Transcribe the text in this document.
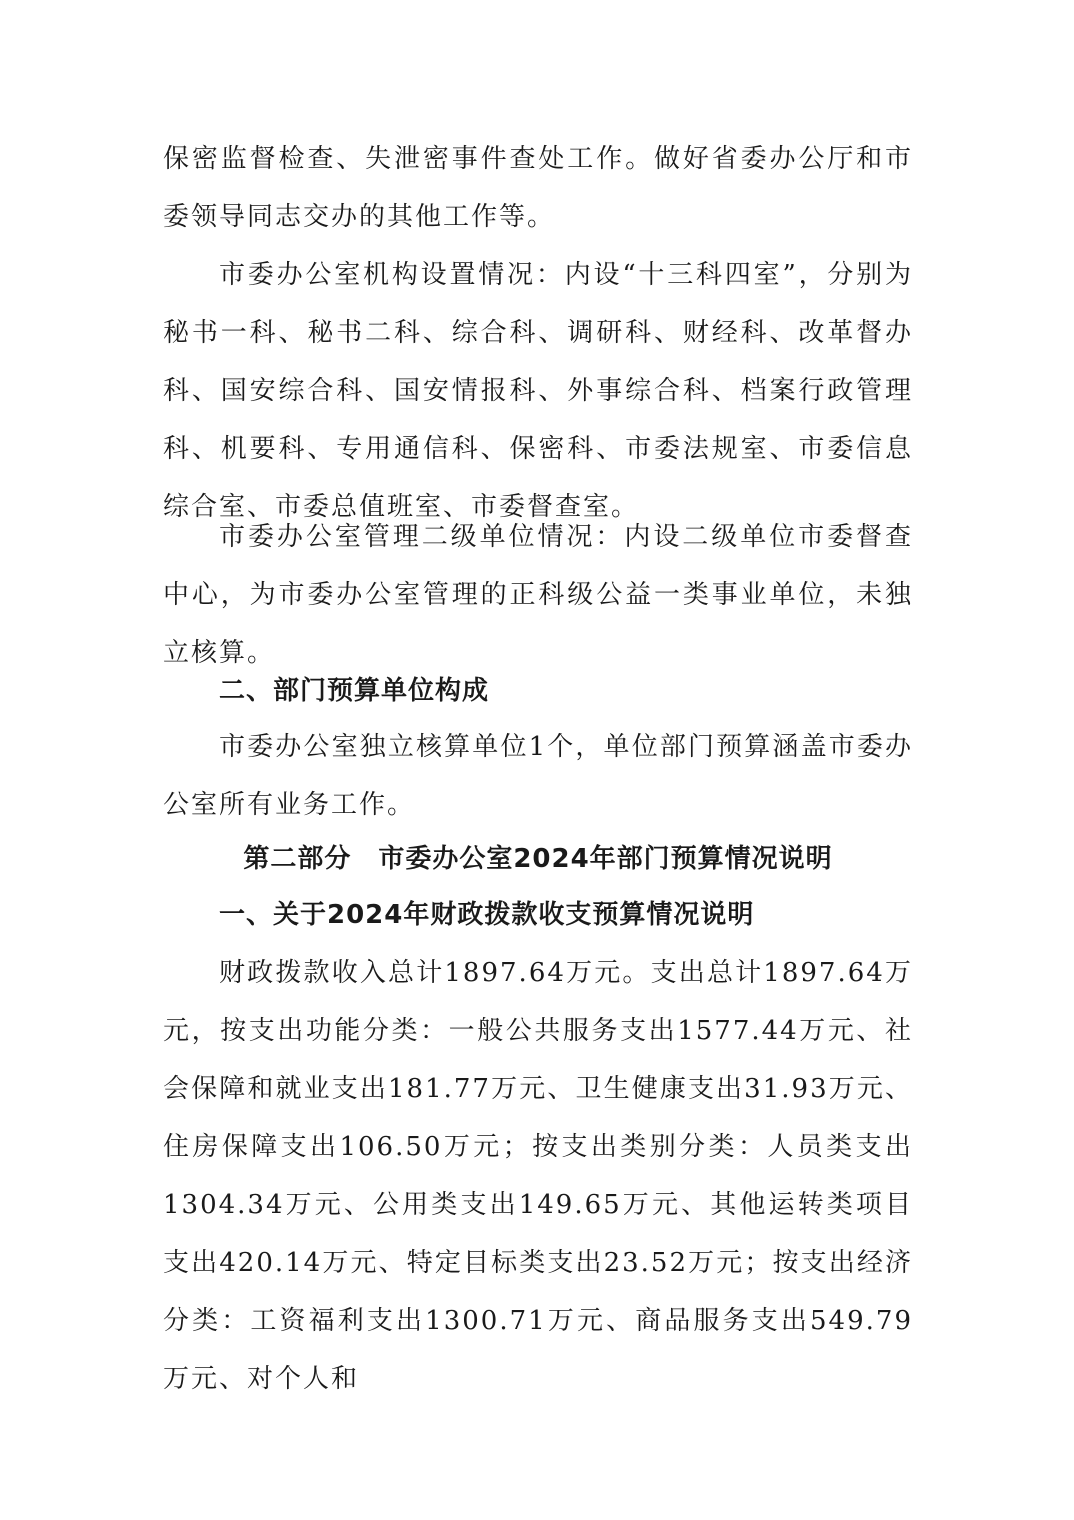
保密监督检查、失泄密事件查处工作。做好省委办公厅和市委领导同志交办的其他工作等。

市委办公室机构设置情况：内设“十三科四室”，分别为秘书一科、秘书二科、综合科、调研科、财经科、改革督办科、国安综合科、国安情报科、外事综合科、档案行政管理科、机要科、专用通信科、保密科、市委法规室、市委信息综合室、市委总值班室、市委督查室。

市委办公室管理二级单位情况：内设二级单位市委督查中心，为市委办公室管理的正科级公益一类事业单位，未独立核算。

二、部门预算单位构成

市委办公室独立核算单位1个，单位部门预算涵盖市委办公室所有业务工作。

第二部分　市委办公室2024年部门预算情况说明

一、关于2024年财政拨款收支预算情况说明

财政拨款收入总计1897.64万元。支出总计1897.64万元，按支出功能分类：一般公共服务支出1577.44万元、社会保障和就业支出181.77万元、卫生健康支出31.93万元、住房保障支出106.50万元；按支出类别分类：人员类支出1304.34万元、公用类支出149.65万元、其他运转类项目支出420.14万元、特定目标类支出23.52万元；按支出经济分类：工资福利支出1300.71万元、商品服务支出549.79万元、对个人和
